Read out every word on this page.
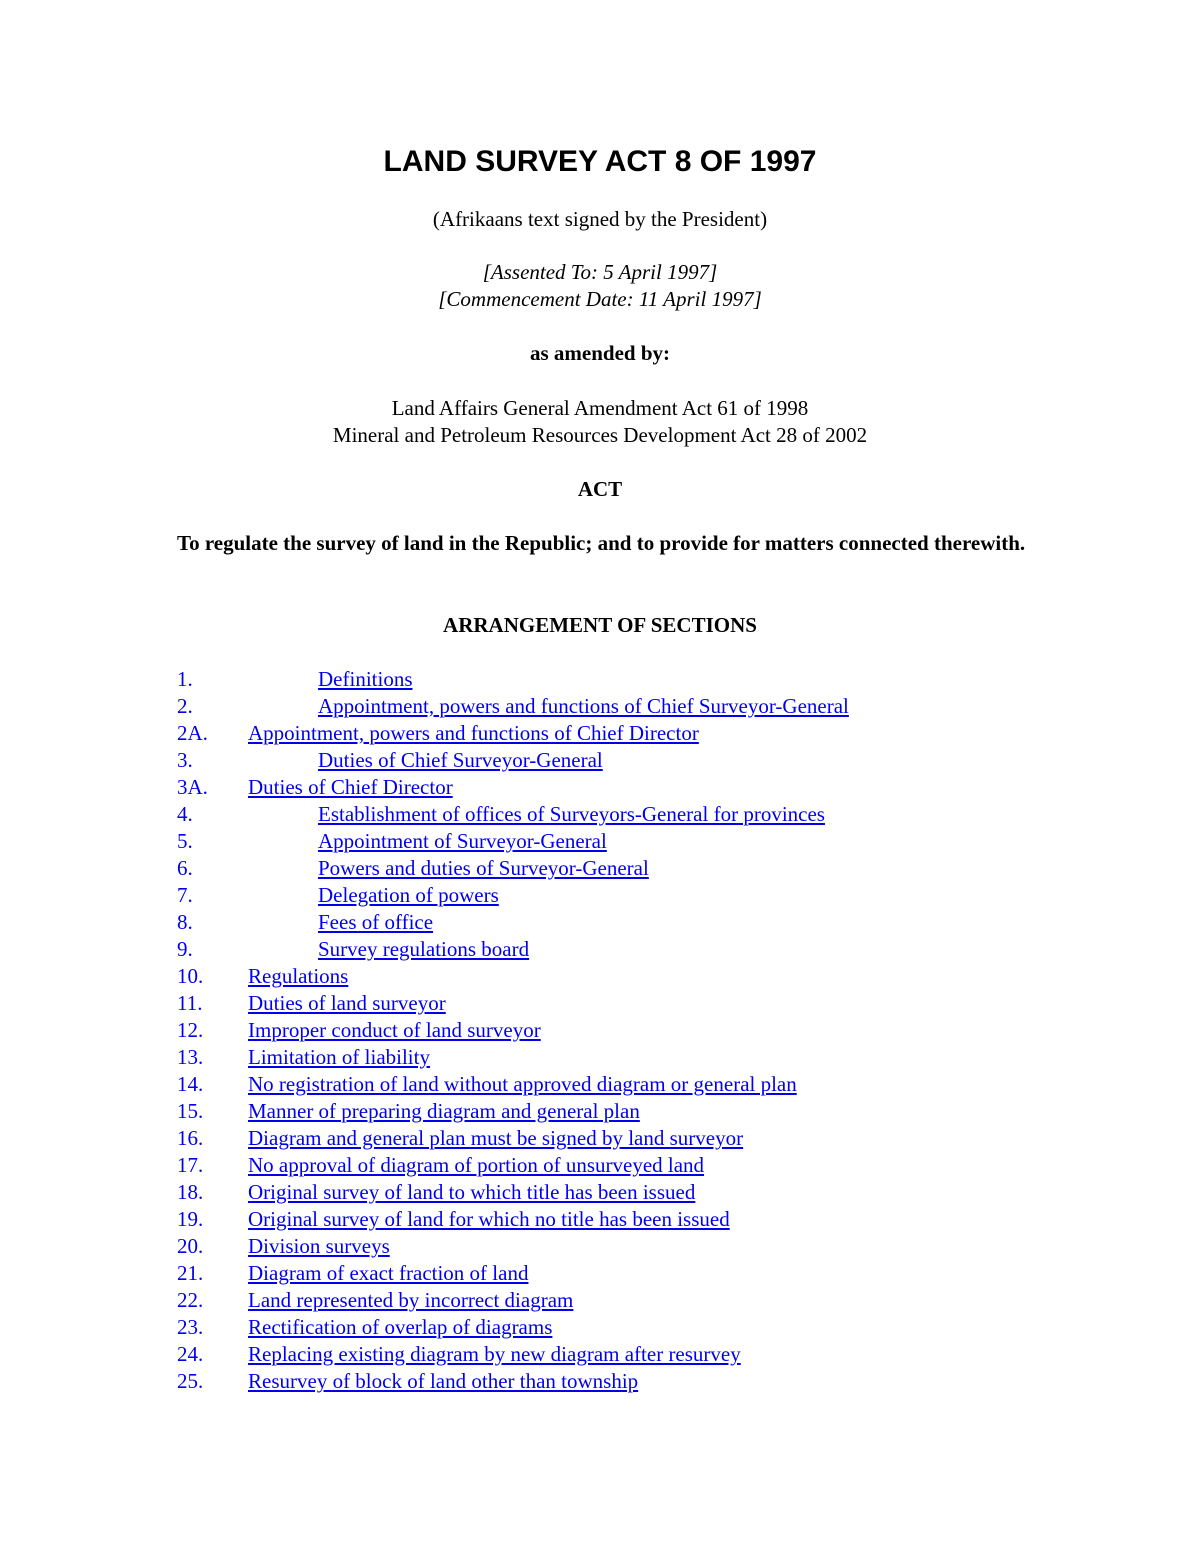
LAND SURVEY ACT 8 OF 1997
(Afrikaans text signed by the President)
[Assented To: 5 April 1997]
[Commencement Date: 11 April 1997]
as amended by:
Land Affairs General Amendment Act 61 of 1998
Mineral and Petroleum Resources Development Act 28 of 2002
ACT
To regulate the survey of land in the Republic; and to provide for matters connected therewith.
ARRANGEMENT OF SECTIONS
1.	Definitions
2.	Appointment, powers and functions of Chief Surveyor-General
2A. Appointment, powers and functions of Chief Director
3.	Duties of Chief Surveyor-General
3A. Duties of Chief Director
4.	Establishment of offices of Surveyors-General for provinces
5.	Appointment of Surveyor-General
6.	Powers and duties of Surveyor-General
7.	Delegation of powers
8.	Fees of office
9.	Survey regulations board
10. Regulations
11. Duties of land surveyor
12. Improper conduct of land surveyor
13. Limitation of liability
14. No registration of land without approved diagram or general plan
15. Manner of preparing diagram and general plan
16. Diagram and general plan must be signed by land surveyor
17. No approval of diagram of portion of unsurveyed land
18. Original survey of land to which title has been issued
19. Original survey of land for which no title has been issued
20. Division surveys
21. Diagram of exact fraction of land
22. Land represented by incorrect diagram
23. Rectification of overlap of diagrams
24. Replacing existing diagram by new diagram after resurvey
25. Resurvey of block of land other than township
